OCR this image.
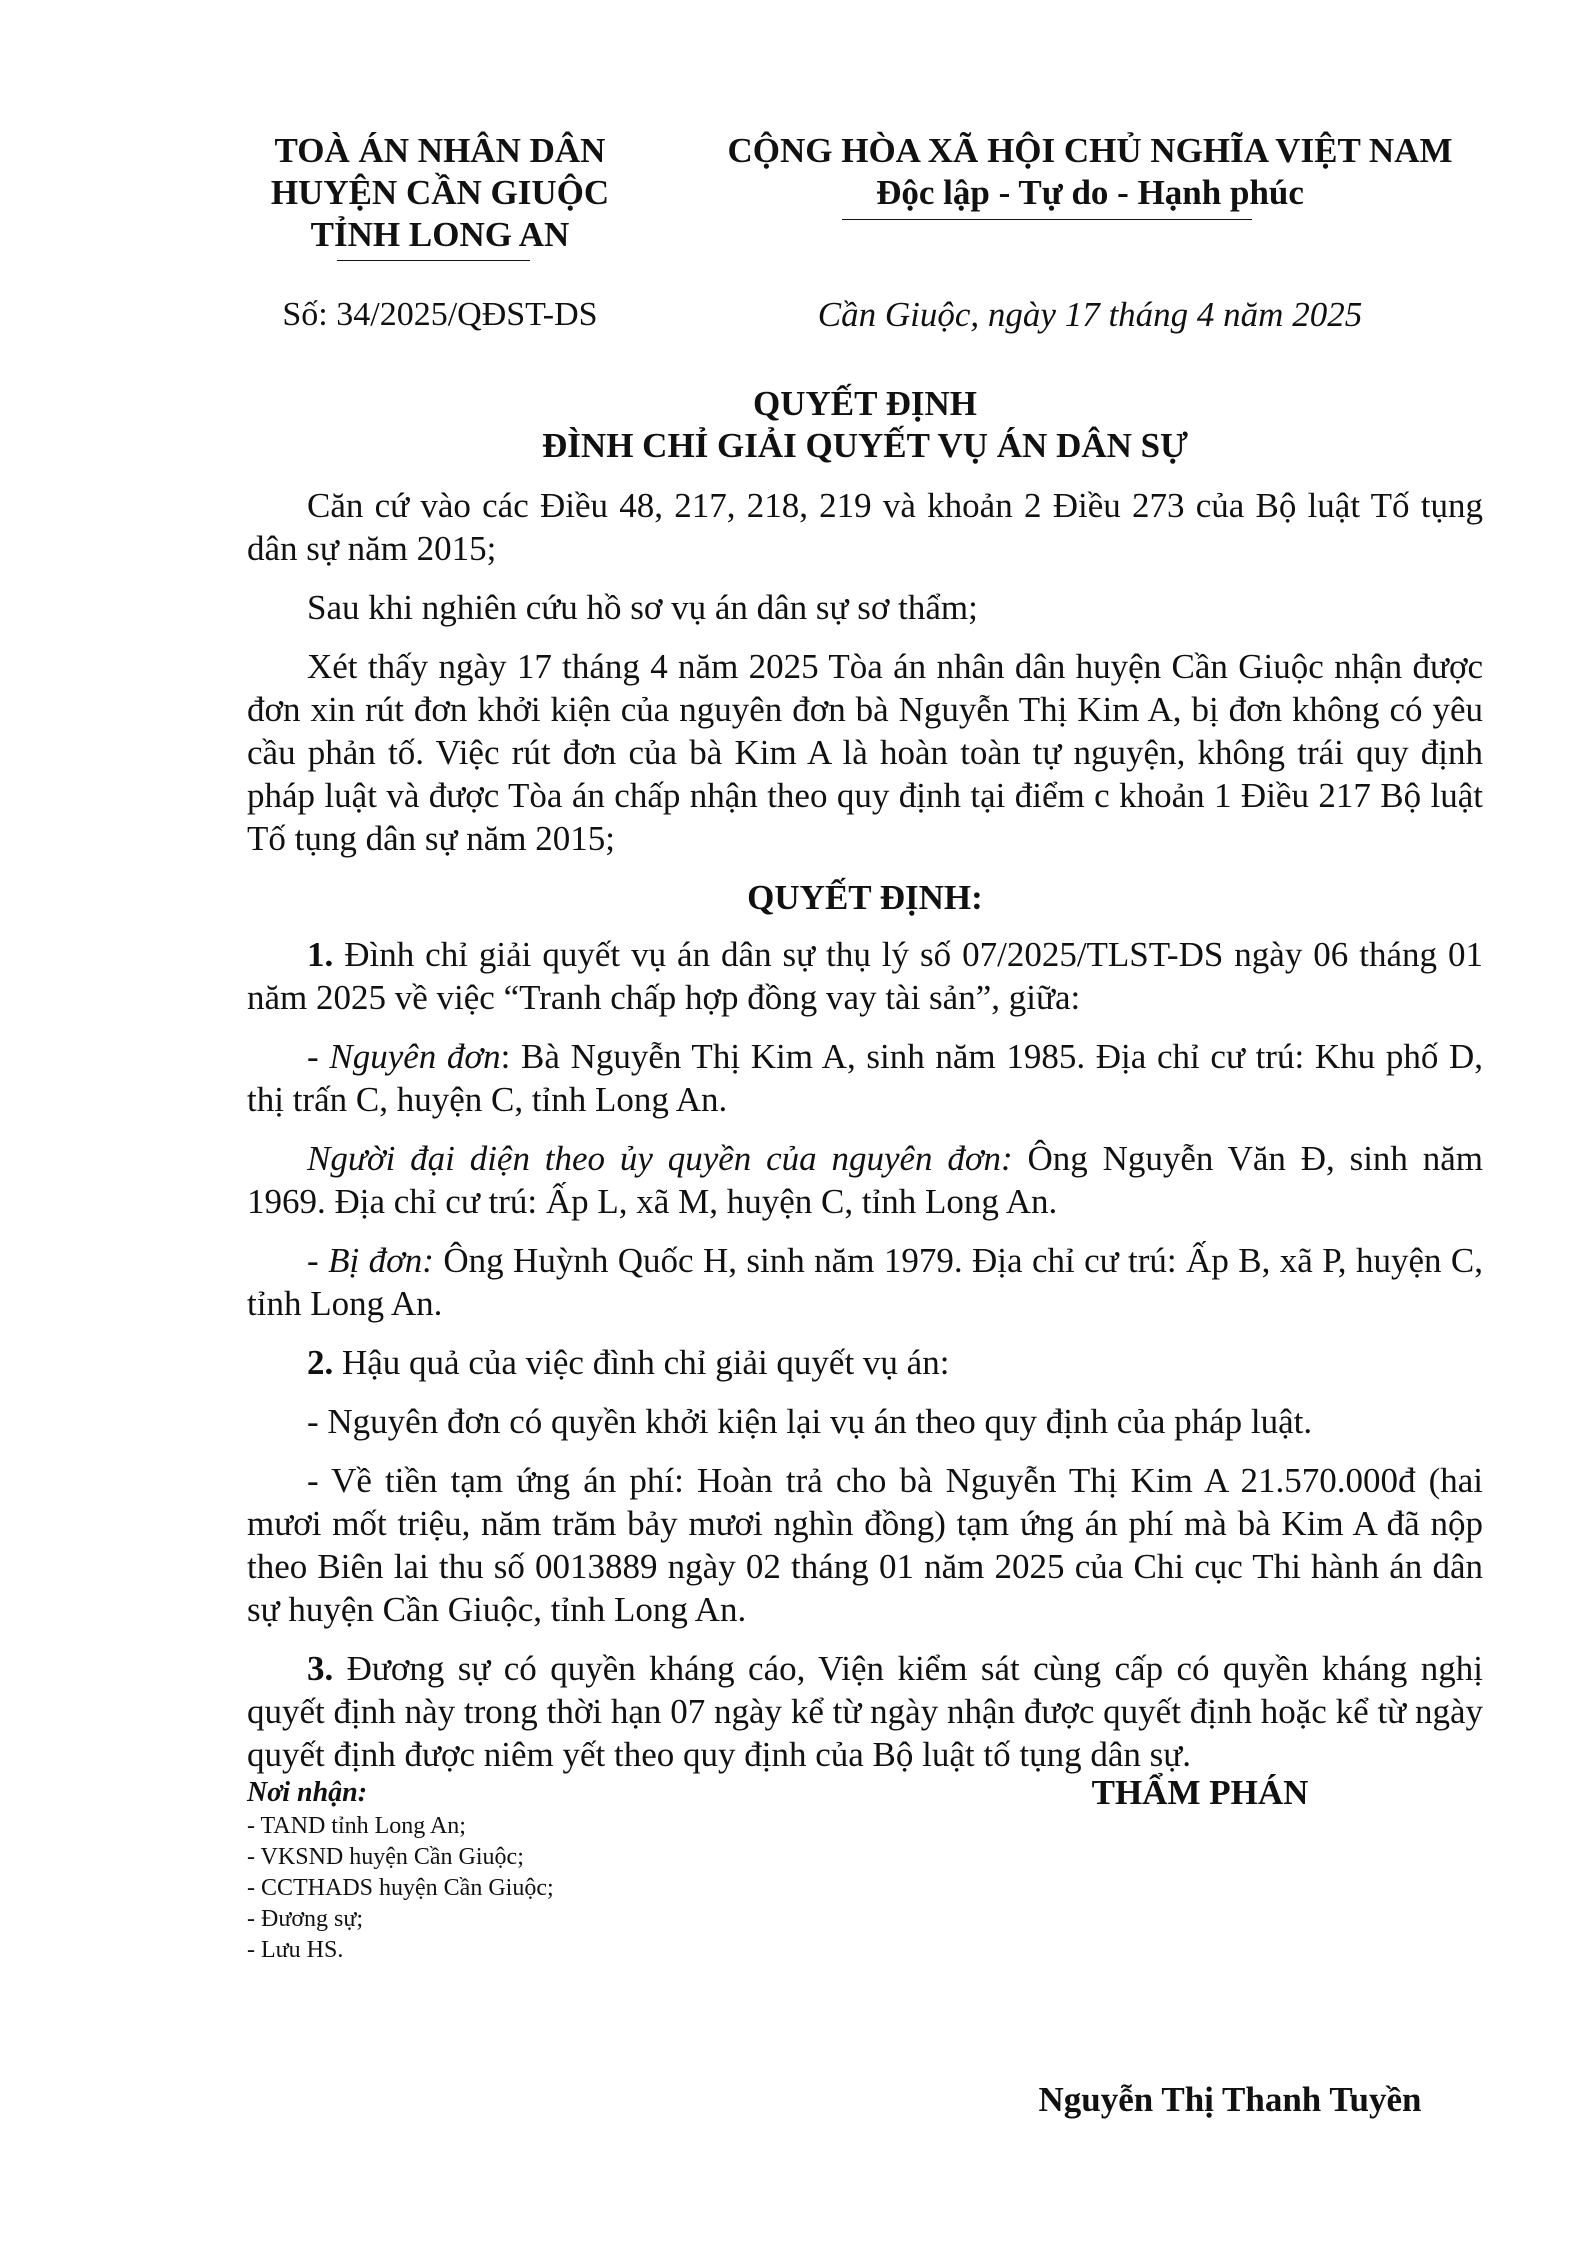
TOÀ ÁN NHÂN DÂN
HUYỆN CẦN GIUỘC
TỈNH LONG AN
CỘNG HÒA XÃ HỘI CHỦ NGHĨA VIỆT NAM
Độc lập - Tự do - Hạnh phúc
Số: 34/2025/QĐST-DS	Cần Giuộc, ngày 17 tháng 4 năm 2025
QUYẾT ĐỊNH
ĐÌNH CHỈ GIẢI QUYẾT VỤ ÁN DÂN SỰ

Căn cứ vào các Điều 48, 217, 218, 219 và khoản 2 Điều 273 của Bộ luật Tố tụng dân sự năm 2015;

Sau khi nghiên cứu hồ sơ vụ án dân sự sơ thẩm;

Xét thấy ngày 17 tháng 4 năm 2025 Tòa án nhân dân huyện Cần Giuộc nhận được đơn xin rút đơn khởi kiện của nguyên đơn bà Nguyễn Thị Kim A, bị đơn không có yêu cầu phản tố. Việc rút đơn của bà Kim A là hoàn toàn tự nguyện, không trái quy định pháp luật và được Tòa án chấp nhận theo quy định tại điểm c khoản 1 Điều 217 Bộ luật Tố tụng dân sự năm 2015;

QUYẾT ĐỊNH:

1. Đình chỉ giải quyết vụ án dân sự thụ lý số 07/2025/TLST-DS ngày 06 tháng 01 năm 2025 về việc “Tranh chấp hợp đồng vay tài sản”, giữa:

- Nguyên đơn: Bà Nguyễn Thị Kim A, sinh năm 1985. Địa chỉ cư trú: Khu phố D, thị trấn C, huyện C, tỉnh Long An.

Người đại diện theo ủy quyền của nguyên đơn: Ông Nguyễn Văn Đ, sinh năm 1969. Địa chỉ cư trú: Ấp L, xã M, huyện C, tỉnh Long An.

- Bị đơn: Ông Huỳnh Quốc H, sinh năm 1979. Địa chỉ cư trú: Ấp B, xã P, huyện C, tỉnh Long An.

2. Hậu quả của việc đình chỉ giải quyết vụ án:

- Nguyên đơn có quyền khởi kiện lại vụ án theo quy định của pháp luật.

- Về tiền tạm ứng án phí: Hoàn trả cho bà Nguyễn Thị Kim A 21.570.000đ (hai mươi mốt triệu, năm trăm bảy mươi nghìn đồng) tạm ứng án phí mà bà Kim A đã nộp theo Biên lai thu số 0013889 ngày 02 tháng 01 năm 2025 của Chi cục Thi hành án dân sự huyện Cần Giuộc, tỉnh Long An.

3. Đương sự có quyền kháng cáo, Viện kiểm sát cùng cấp có quyền kháng nghị quyết định này trong thời hạn 07 ngày kể từ ngày nhận được quyết định hoặc kể từ ngày quyết định được niêm yết theo quy định của Bộ luật tố tụng dân sự.

Nơi nhận:
- TAND tỉnh Long An;
- VKSND huyện Cần Giuộc;
- CCTHADS huyện Cần Giuộc;
- Đương sự;
- Lưu HS.
THẨM PHÁN
Nguyễn Thị Thanh Tuyền
